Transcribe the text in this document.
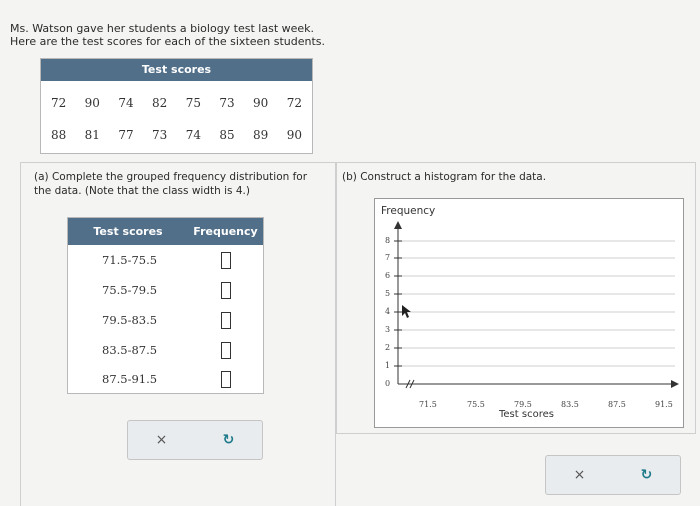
Ms. Watson gave her students a biology test last week.
Here are the test scores for each of the sixteen students.
Test scores
72 90 74 82 75 73 90 72
88 81 77 73 74 85 89 90
(a) Complete the grouped frequency distribution for the data. (Note that the class width is 4.)
Test scores	Frequency
71.5-75.5
75.5-79.5
79.5-83.5
83.5-87.5
87.5-91.5
×	↻
(b) Construct a histogram for the data.
Frequency
0
1
2
3
4
5
6
7
8
71.5	75.5	79.5	83.5	87.5	91.5
Test scores
×	↻
